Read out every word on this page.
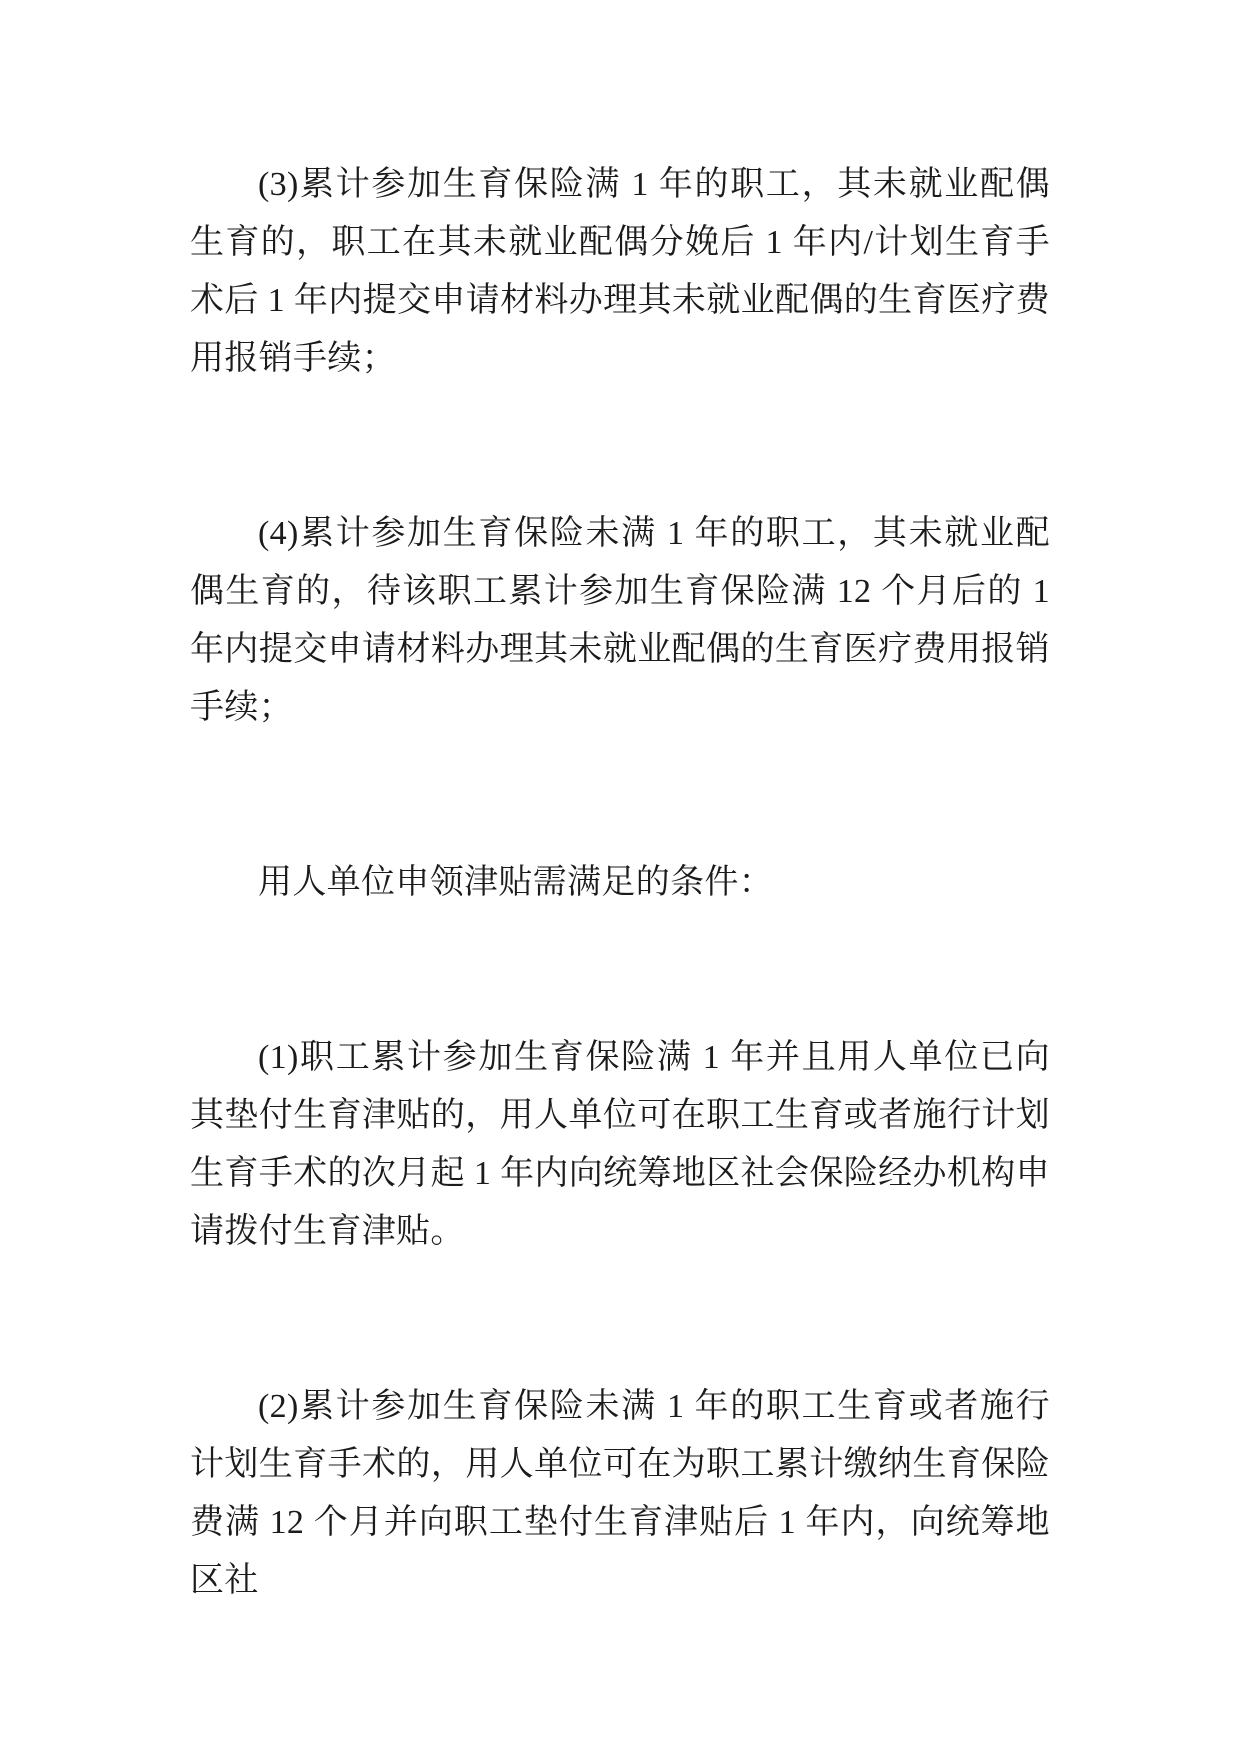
(3)累计参加生育保险满 1 年的职工，其未就业配偶生育的，职工在其未就业配偶分娩后 1 年内/计划生育手术后 1 年内提交申请材料办理其未就业配偶的生育医疗费用报销手续；

(4)累计参加生育保险未满 1 年的职工，其未就业配偶生育的，待该职工累计参加生育保险满 12 个月后的 1 年内提交申请材料办理其未就业配偶的生育医疗费用报销手续；

用人单位申领津贴需满足的条件：

(1)职工累计参加生育保险满 1 年并且用人单位已向其垫付生育津贴的，用人单位可在职工生育或者施行计划生育手术的次月起 1 年内向统筹地区社会保险经办机构申请拨付生育津贴。

(2)累计参加生育保险未满 1 年的职工生育或者施行计划生育手术的，用人单位可在为职工累计缴纳生育保险费满 12 个月并向职工垫付生育津贴后 1 年内，向统筹地区社
